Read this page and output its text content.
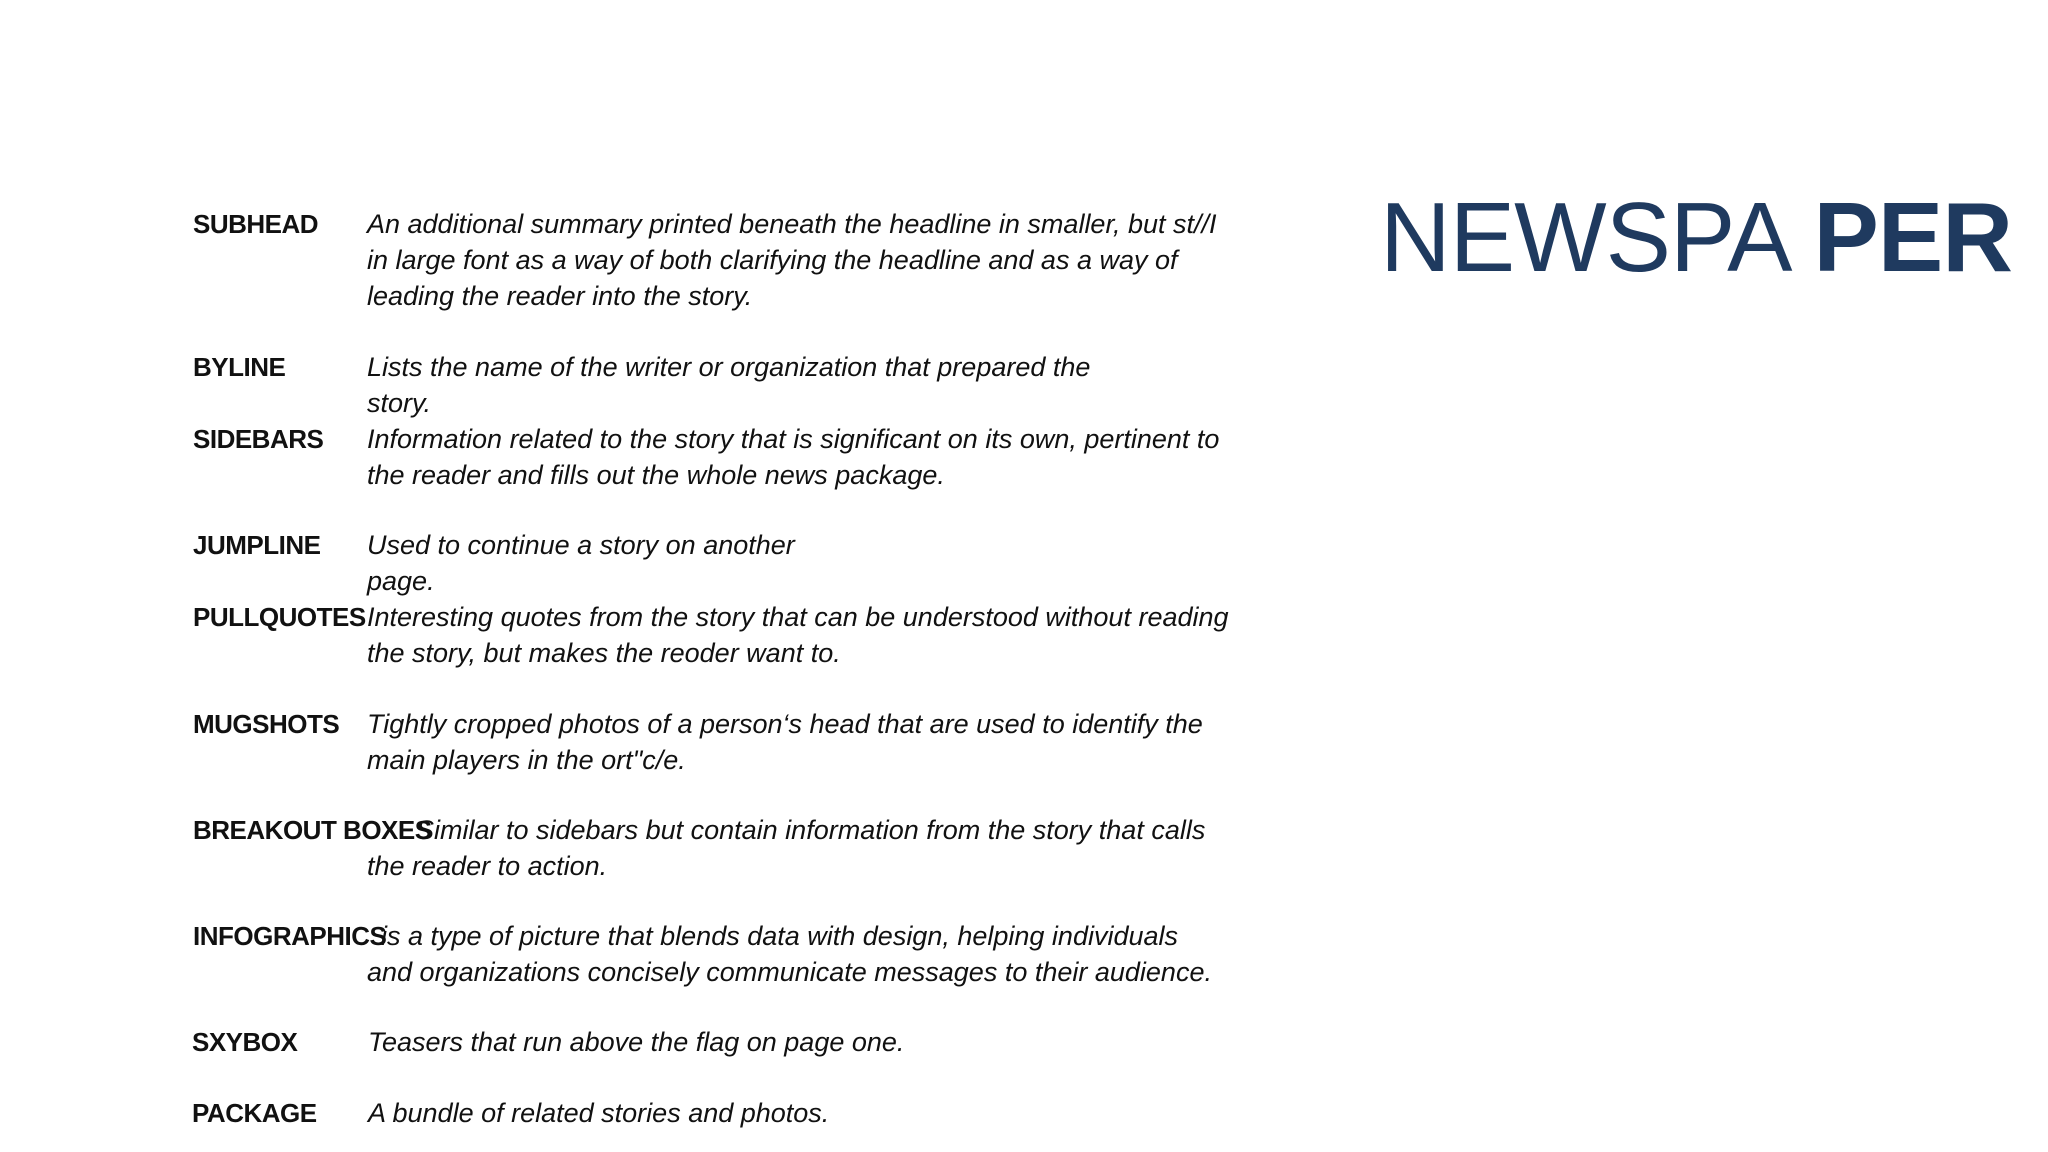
NEWSPA PER

SUBHEAD An additional summary printed beneath the headline in smaller, but st//I
in large font as a way of both clarifying the headline and as a way of
leading the reader into the story.

BYLINE	Lists the name of the writer or organization that prepared the
story.

SIDEBARS Information related to the story that is significant on its own, pertinent to
the reader and fills out the whole news package.

JUMPLINE Used to continue a story on another
page.

PULLQUOTES Interesting quotes from the story that can be understood without reading
the story, but makes the reoder want to.

MUGSHOTS Tightly cropped photos of a person‘s head that are used to identify the
main players in the ort"c/e.

BREAKOUT BOXES

Similar to sidebars but contain information from the story that calls

the reader to action.

INFOGRAPHICS

is a type of picture that blends data with design, helping individuals

and organizations concisely communicate messages to their audience.

SXYBOX	Teasers that run above the flag on page one.

PACKAGE A bundle of related stories and photos.
